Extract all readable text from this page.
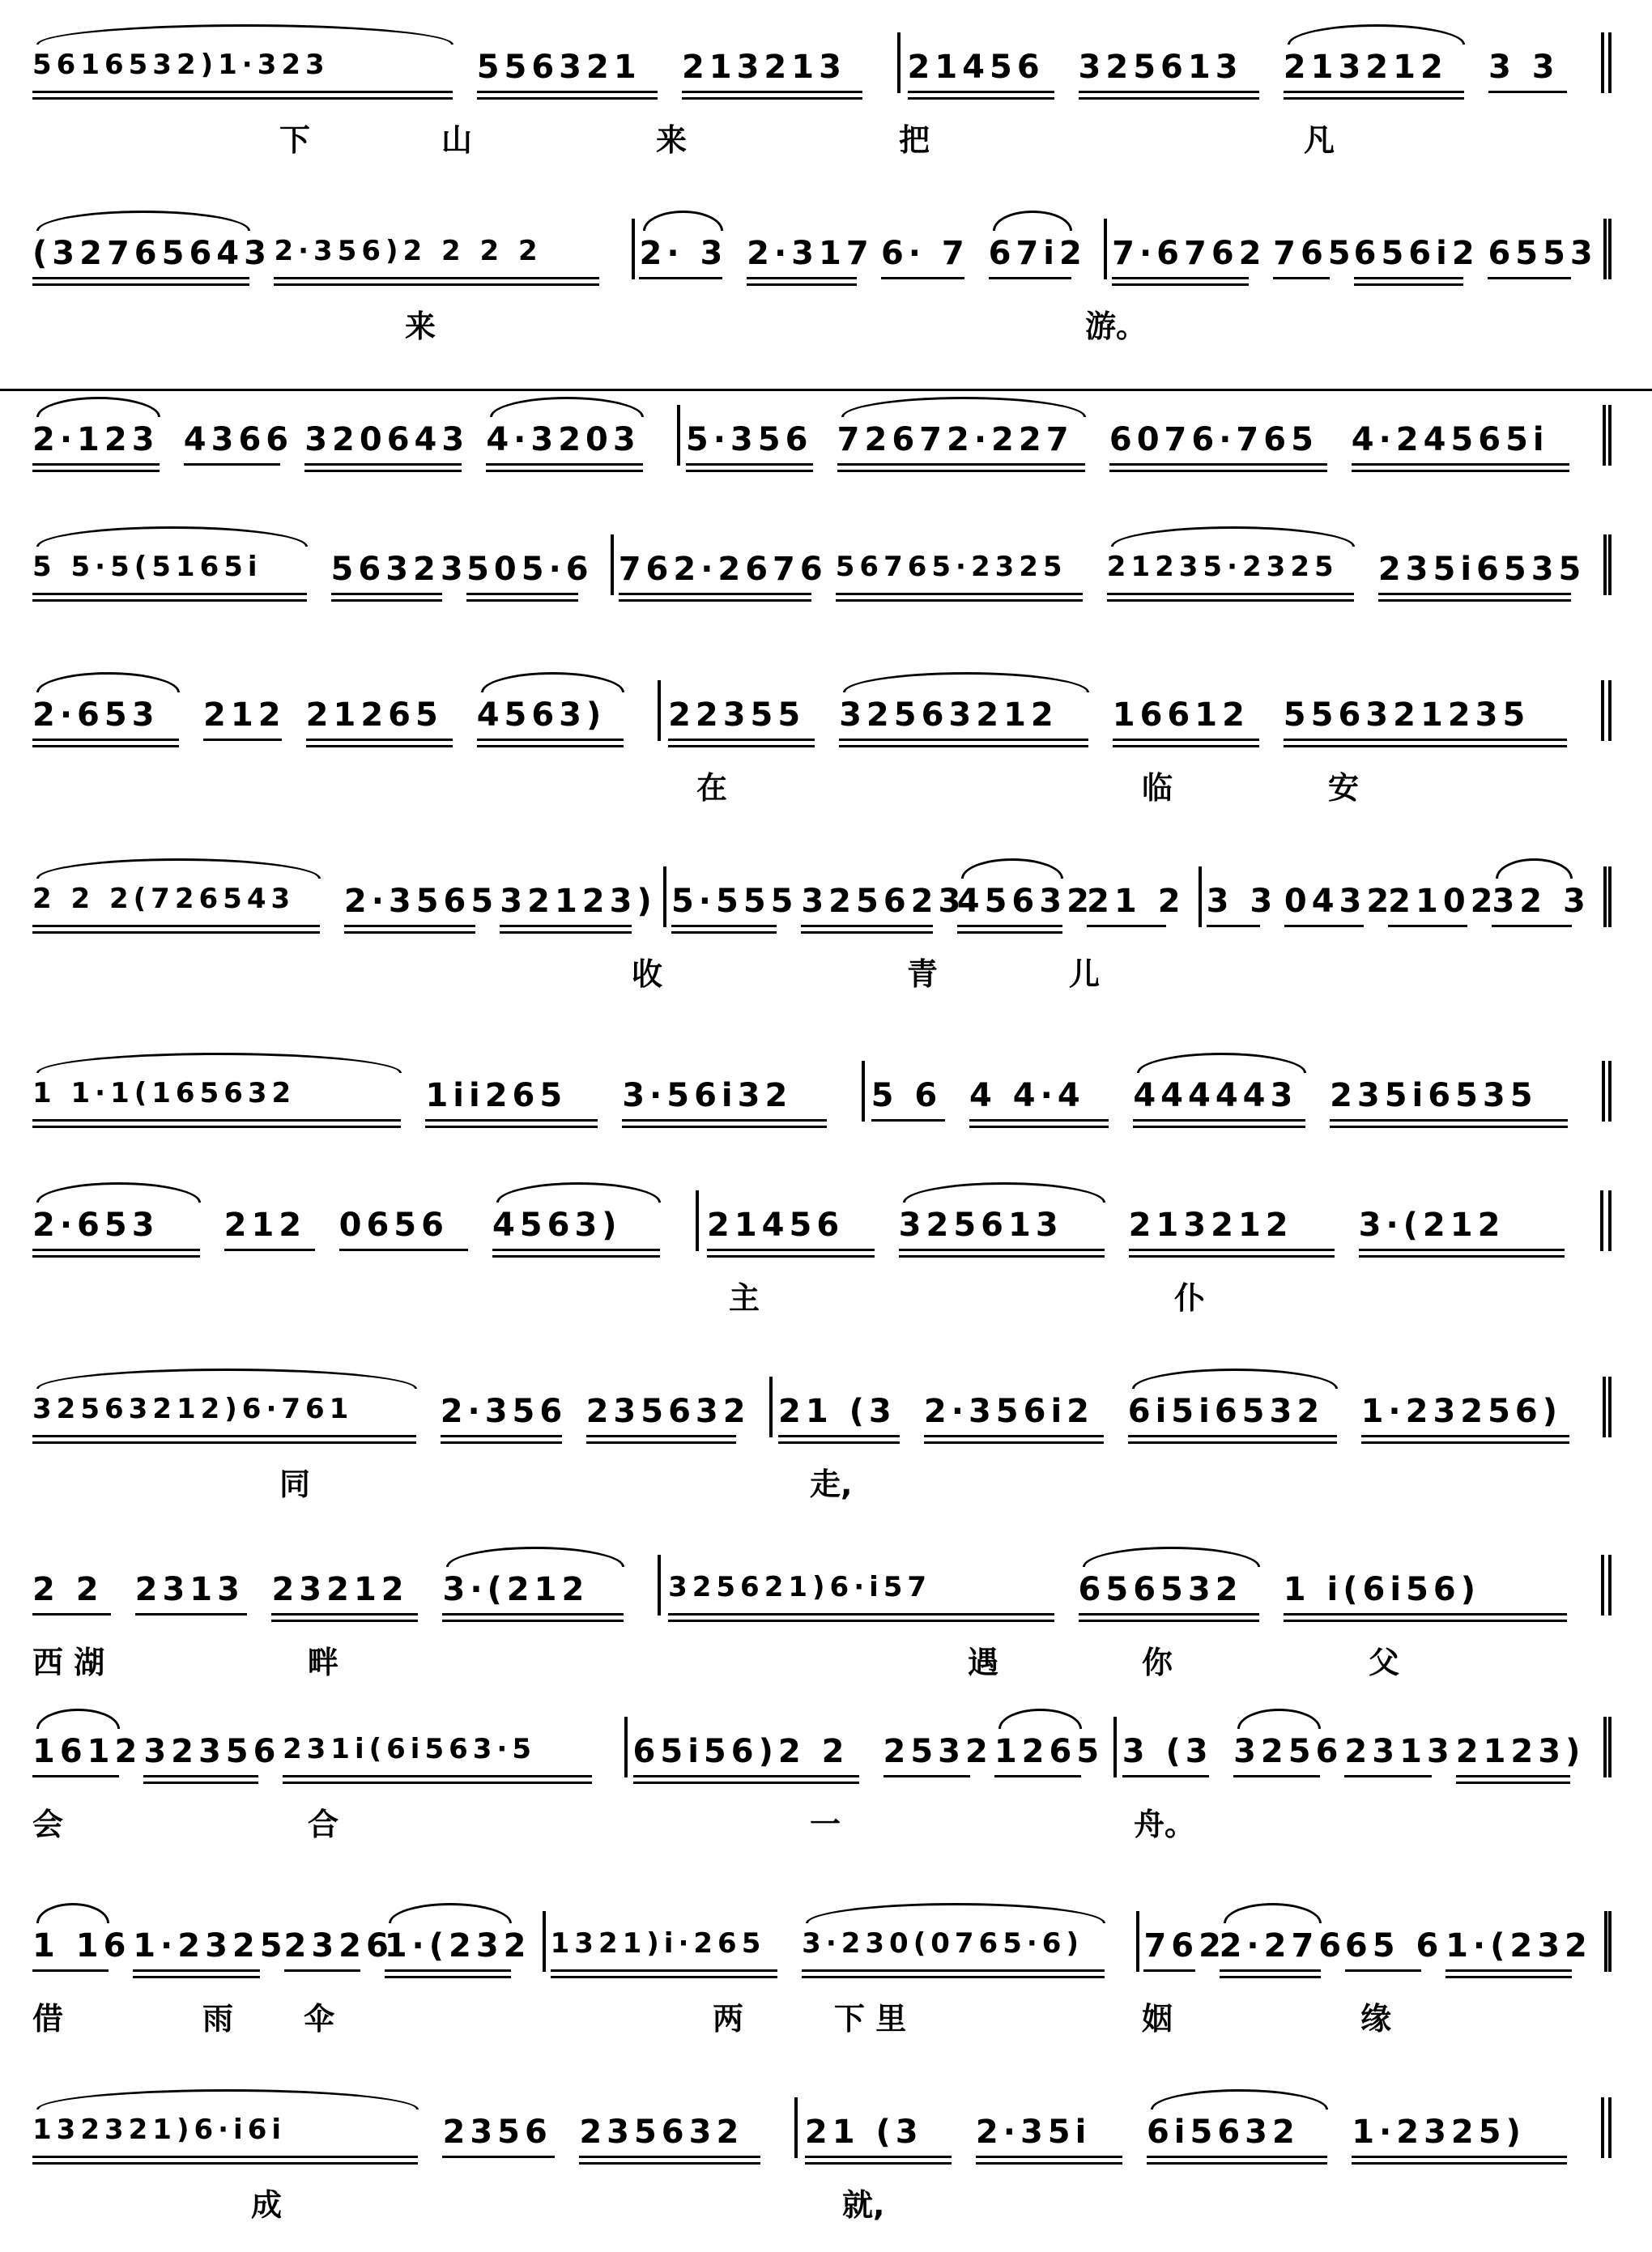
5616532)1·323	556321 213213 21456 325613 213212 3 3
下	山	来	把	凡
(32765643 2·356)2 2 2 2	2· 3 2·317 6· 7 67i2 7·6762 765
656i2 6553
来	游。
2·123 4366 320643 4·3203 5·356 72672·227 6076·765 4·24565i
5 5·5(5165i 56323
505·6 762·2676 56765·2325 21235·2325 235i6535
2·653 212 21265 4563) 22355 32563212 16612 556321235
在	临	安
2 2 2(726543 2·3565 32123) 5·555 325623
45632
21 2 3 3 0432
2102
32 3
收	青	儿
1 1·1(165632	1ii265 3·56i32 5 6 4 4·4 444443 235i6535
2·653 212 0656 4563)	21456 325613 213212 3·(212
主	仆
32563212)6·761	2·356 235632 21 (3 2·356i2 6i5i6532 1·23256)
同	走,
2 2 2313 23212 3·(212	325621)6·i57	656532 1 i(6i56)
西 湖	畔	遇	你	父
1612 32356 231i(6i563·5	65i56)2 2 2532 1265 3 (3 3256 2313 2123)
会	合	一	舟。
1 16 1·2325
2326
1·(232 1321)i·265 3·230(0765·6) 762
2·276
65 6 1·(232
借	雨 伞	两	下 里	姻	缘
132321)6·i6i	2356 235632 21 (3 2·35i 6i5632 1·2325)
成	就,
